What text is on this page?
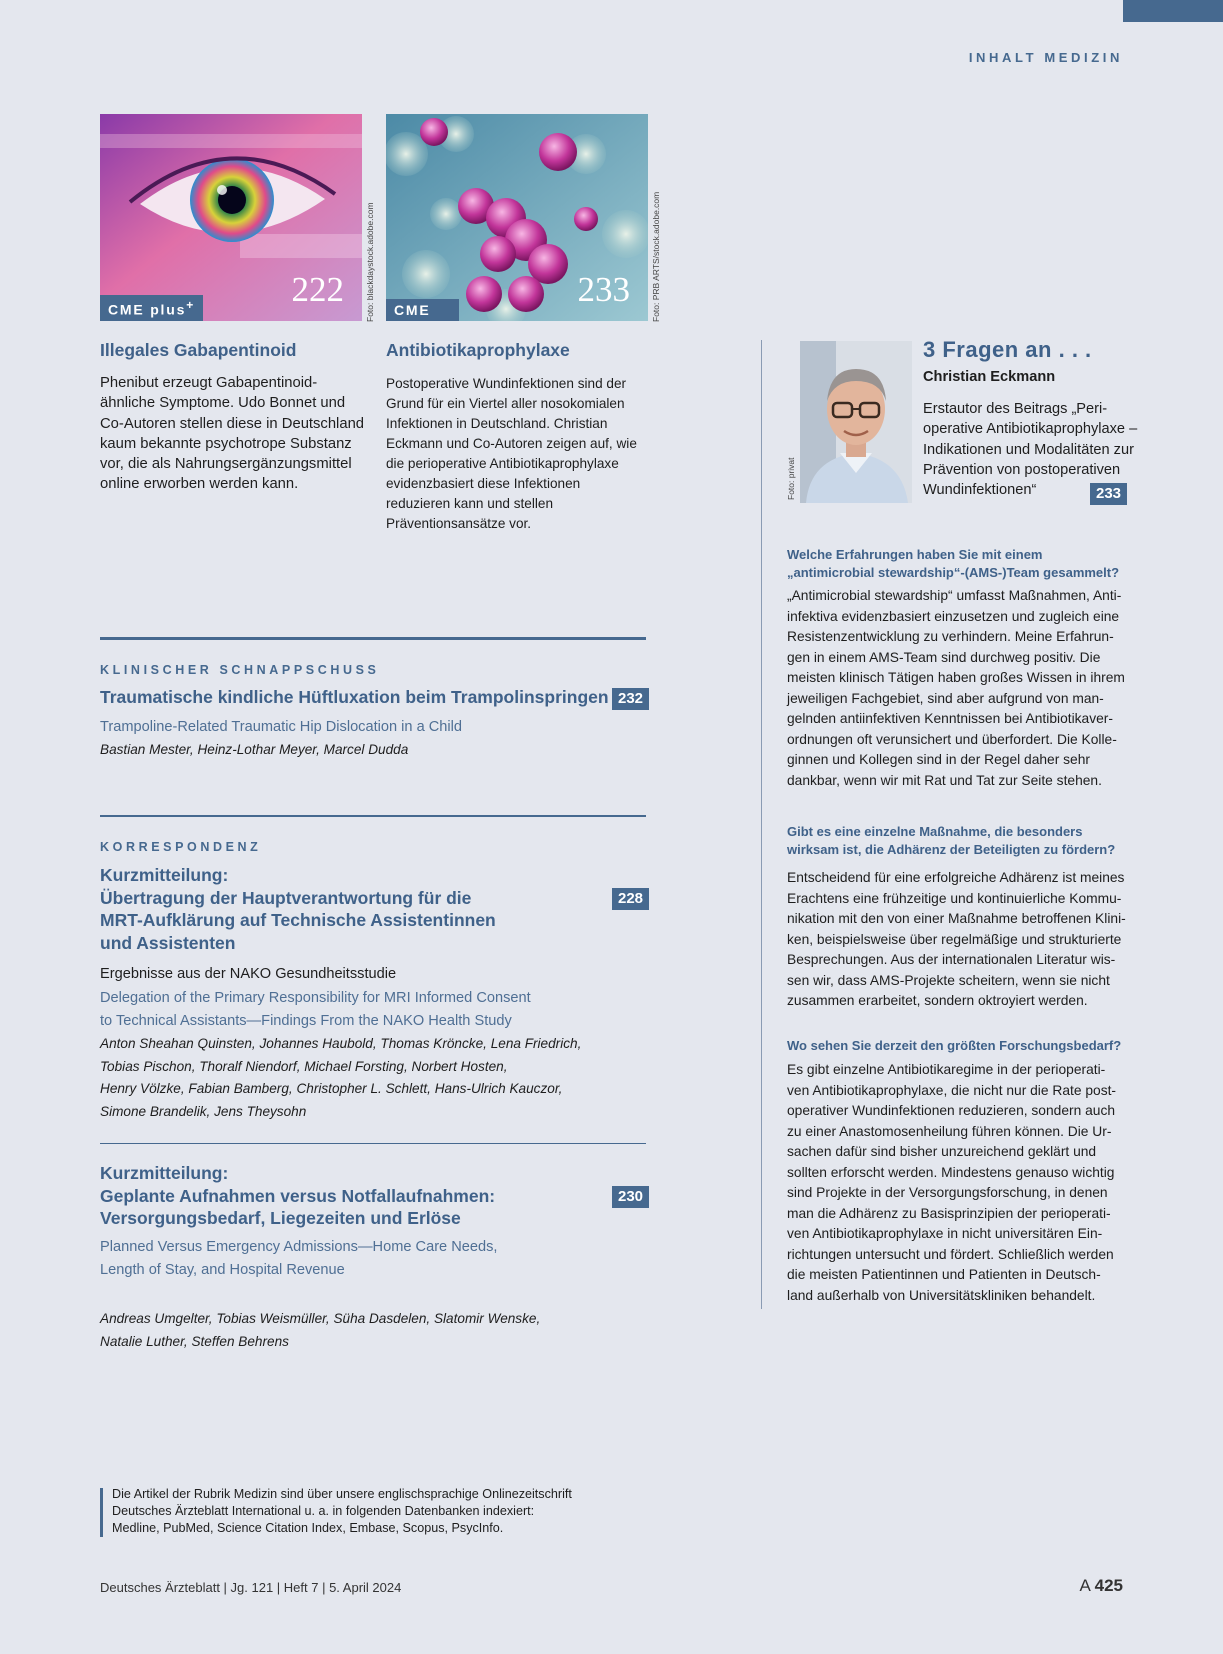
INHALT MEDIZIN
CME plus+	222 Foto: blackdaystock.adobe.com	CME
233 Foto: PRB ARTS/stock.adobe.com
Illegales Gabapentinoid
Phenibut erzeugt Gabapentinoid-ähnliche Symptome. Udo Bonnet und Co-Autoren stellen diese in Deutschland kaum bekannte psychotrope Substanz vor, die als Nahrungsergänzungsmittel online erworben werden kann.
Antibiotikaprophylaxe
Postoperative Wundinfektionen sind der Grund für ein Viertel aller nosokomialen Infektionen in Deutschland. Christian Eckmann und Co-Autoren zeigen auf, wie die perioperative Antibiotikaprophylaxe evidenzbasiert diese Infektionen reduzieren kann und stellen Präventionsansätze vor.
KLINISCHER SCHNAPPSCHUSS
Traumatische kindliche Hüftluxation beim Trampolinspringen 232
Trampoline-Related Traumatic Hip Dislocation in a Child
Bastian Mester, Heinz-Lothar Meyer, Marcel Dudda
KORRESPONDENZ
Kurzmitteilung:
Übertragung der Hauptverantwortung für die
MRT-Aufklärung auf Technische Assistentinnen
und Assistenten
228
Ergebnisse aus der NAKO Gesundheitsstudie
Delegation of the Primary Responsibility for MRI Informed Consent
to Technical Assistants—Findings From the NAKO Health Study
Anton Sheahan Quinsten, Johannes Haubold, Thomas Kröncke, Lena Friedrich,
Tobias Pischon, Thoralf Niendorf, Michael Forsting, Norbert Hosten,
Henry Völzke, Fabian Bamberg, Christopher L. Schlett, Hans-Ulrich Kauczor,
Simone Brandelik, Jens Theysohn
Kurzmitteilung:
Geplante Aufnahmen versus Notfallaufnahmen:
Versorgungsbedarf, Liegezeiten und Erlöse
230
Planned Versus Emergency Admissions—Home Care Needs,
Length of Stay, and Hospital Revenue
Andreas Umgelter, Tobias Weismüller, Süha Dasdelen, Slatomir Wenske,
Natalie Luther, Steffen Behrens
Foto: privat
3 Fragen an . . .
Christian Eckmann
Erstautor des Beitrags „Peri-
operative Antibiotikaprophylaxe –
Indikationen und Modalitäten zur
Prävention von postoperativen
Wundinfektionen“	233
Welche Erfahrungen haben Sie mit einem
„antimicrobial stewardship“-(AMS-)Team gesammelt?
„Antimicrobial stewardship“ umfasst Maßnahmen, Anti-
infektiva evidenzbasiert einzusetzen und zugleich eine
Resistenzentwicklung zu verhindern. Meine Erfahrun-
gen in einem AMS-Team sind durchweg positiv. Die
meisten klinisch Tätigen haben großes Wissen in ihrem
jeweiligen Fachgebiet, sind aber aufgrund von man-
gelnden antiinfektiven Kenntnissen bei Antibiotikaver-
ordnungen oft verunsichert und überfordert. Die Kolle-
ginnen und Kollegen sind in der Regel daher sehr
dankbar, wenn wir mit Rat und Tat zur Seite stehen.
Gibt es eine einzelne Maßnahme, die besonders
wirksam ist, die Adhärenz der Beteiligten zu fördern?
Entscheidend für eine erfolgreiche Adhärenz ist meines
Erachtens eine frühzeitige und kontinuierliche Kommu-
nikation mit den von einer Maßnahme betroffenen Klini-
ken, beispielsweise über regelmäßige und strukturierte
Besprechungen. Aus der internationalen Literatur wis-
sen wir, dass AMS-Projekte scheitern, wenn sie nicht
zusammen erarbeitet, sondern oktroyiert werden.
Wo sehen Sie derzeit den größten Forschungsbedarf?
Es gibt einzelne Antibiotikaregime in der perioperati-
ven Antibiotikaprophylaxe, die nicht nur die Rate post-
operativer Wundinfektionen reduzieren, sondern auch
zu einer Anastomosenheilung führen können. Die Ur-
sachen dafür sind bisher unzureichend geklärt und
sollten erforscht werden. Mindestens genauso wichtig
sind Projekte in der Versorgungsforschung, in denen
man die Adhärenz zu Basisprinzipien der perioperati-
ven Antibiotikaprophylaxe in nicht universitären Ein-
richtungen untersucht und fördert. Schließlich werden
die meisten Patientinnen und Patienten in Deutsch-
land außerhalb von Universitätskliniken behandelt.
Die Artikel der Rubrik Medizin sind über unsere englischsprachige Onlinezeitschrift
Deutsches Ärzteblatt International u. a. in folgenden Datenbanken indexiert:
Medline, PubMed, Science Citation Index, Embase, Scopus, PsycInfo.
Deutsches Ärzteblatt | Jg. 121 | Heft 7 | 5. April 2024	A 425
